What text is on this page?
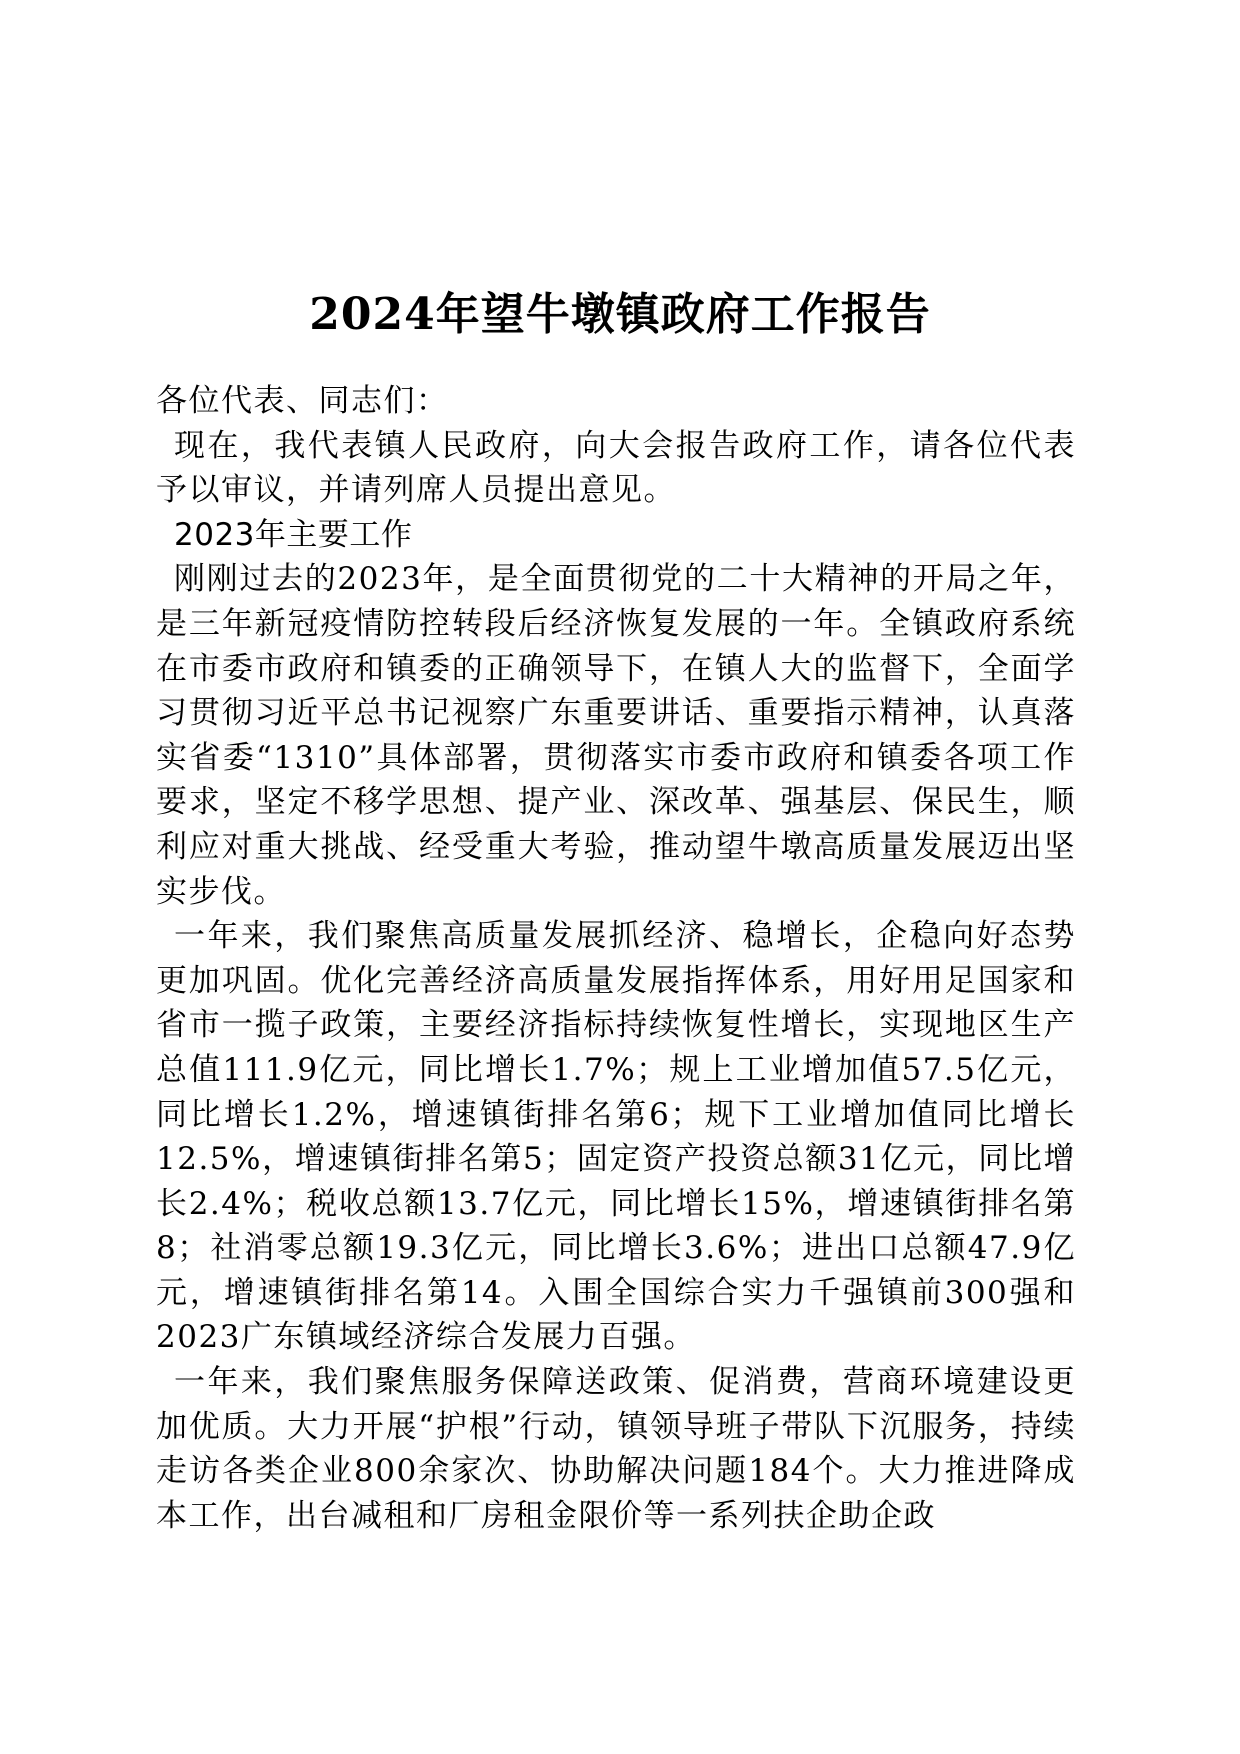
2024年望牛墩镇政府工作报告

各位代表、同志们：

现在，我代表镇人民政府，向大会报告政府工作，请各位代表予以审议，并请列席人员提出意见。

2023年主要工作

刚刚过去的2023年，是全面贯彻党的二十大精神的开局之年，是三年新冠疫情防控转段后经济恢复发展的一年。全镇政府系统在市委市政府和镇委的正确领导下，在镇人大的监督下，全面学习贯彻习近平总书记视察广东重要讲话、重要指示精神，认真落实省委“1310”具体部署，贯彻落实市委市政府和镇委各项工作要求，坚定不移学思想、提产业、深改革、强基层、保民生，顺利应对重大挑战、经受重大考验，推动望牛墩高质量发展迈出坚实步伐。

一年来，我们聚焦高质量发展抓经济、稳增长，企稳向好态势更加巩固。优化完善经济高质量发展指挥体系，用好用足国家和省市一揽子政策，主要经济指标持续恢复性增长，实现地区生产总值111.9亿元，同比增长1.7%；规上工业增加值57.5亿元，同比增长1.2%，增速镇街排名第6；规下工业增加值同比增长12.5%，增速镇街排名第5；固定资产投资总额31亿元，同比增长2.4%；税收总额13.7亿元，同比增长15%，增速镇街排名第8；社消零总额19.3亿元，同比增长3.6%；进出口总额47.9亿元，增速镇街排名第14。入围全国综合实力千强镇前300强和2023广东镇域经济综合发展力百强。

一年来，我们聚焦服务保障送政策、促消费，营商环境建设更加优质。大力开展“护根”行动，镇领导班子带队下沉服务，持续走访各类企业800余家次、协助解决问题184个。大力推进降成本工作，出台减租和厂房租金限价等一系列扶企助企政
